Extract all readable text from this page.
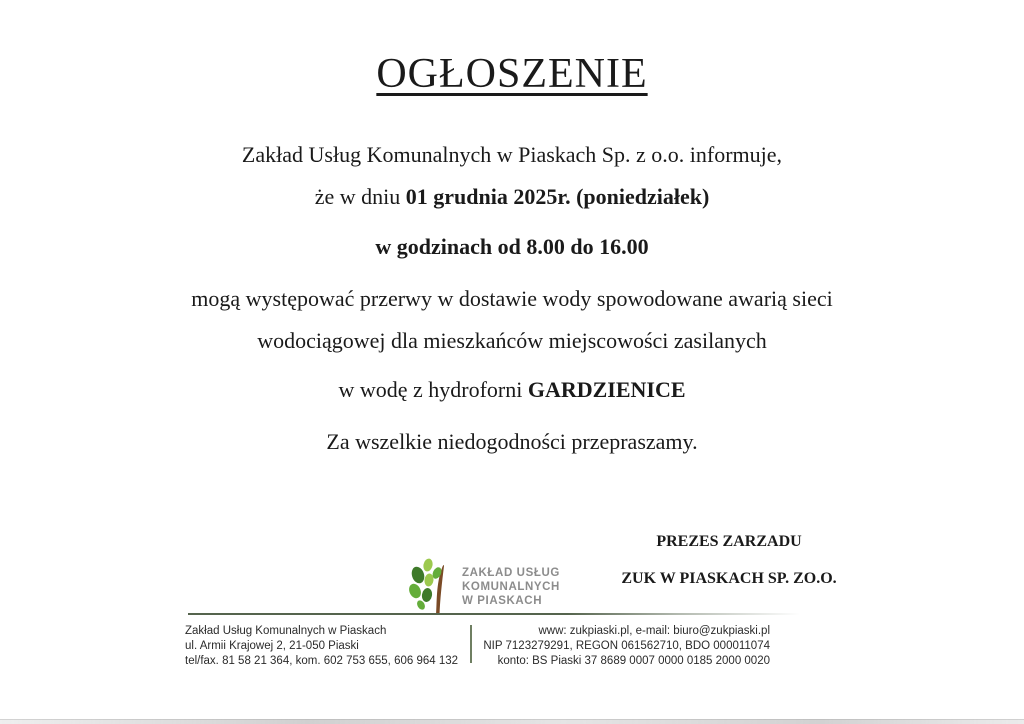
OGŁOSZENIE
Zakład Usług Komunalnych w Piaskach Sp. z o.o. informuje,
że w dniu 01 grudnia 2025r. (poniedziałek)
w godzinach od 8.00 do 16.00
mogą występować przerwy w dostawie wody spowodowane awarią sieci
wodociągowej dla mieszkańców miejscowości zasilanych
w wodę z hydroforni GARDZIENICE
Za wszelkie niedogodności przepraszamy.
PREZES ZARZADU
ZUK W PIASKACH SP. ZO.O.
ZAKŁAD USŁUG
KOMUNALNYCH
W PIASKACH
Zakład Usług Komunalnych w Piaskach
ul. Armii Krajowej 2, 21-050 Piaski
tel/fax. 81 58 21 364, kom. 602 753 655, 606 964 132
www: zukpiaski.pl, e-mail: biuro@zukpiaski.pl
NIP 7123279291, REGON 061562710, BDO 000011074
konto: BS Piaski 37 8689 0007 0000 0185 2000 0020
